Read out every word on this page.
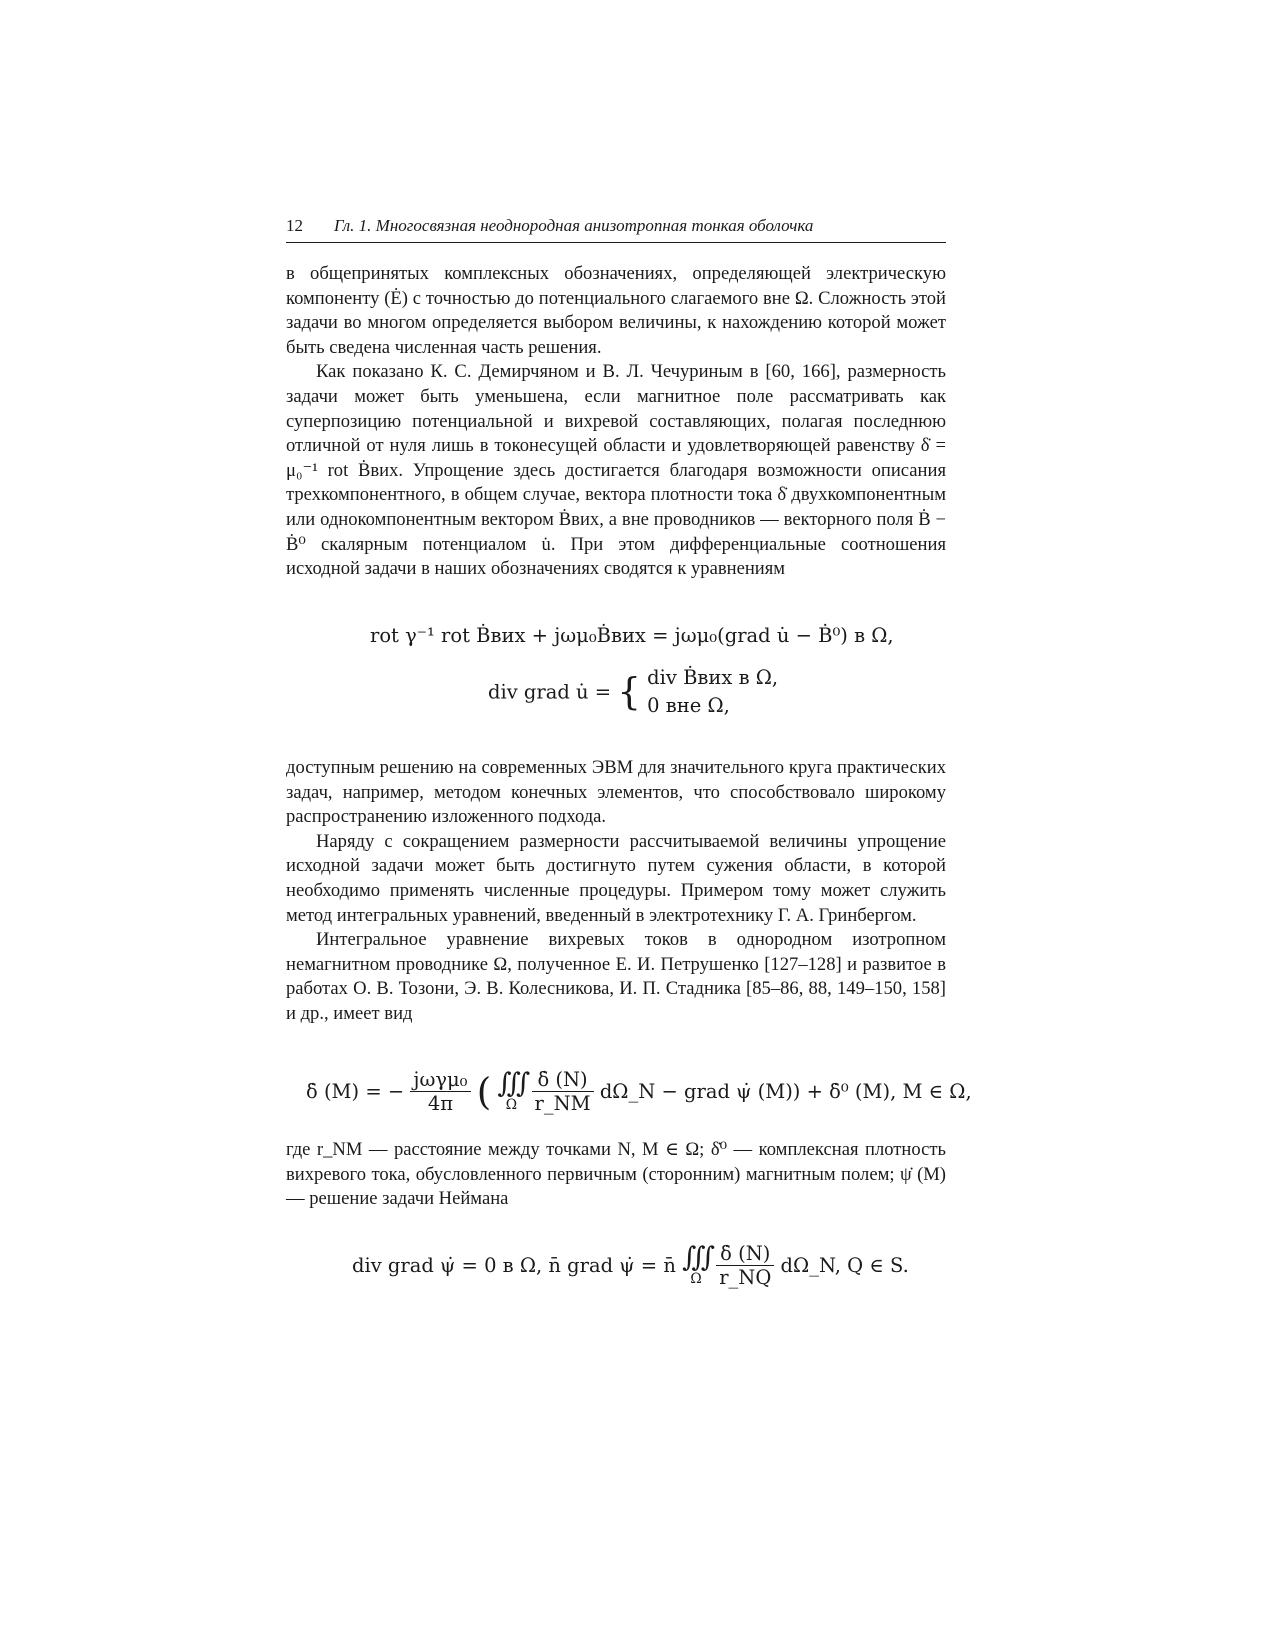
12 Гл. 1. Многосвязная неоднородная анизотропная тонкая оболочка

в общепринятых комплексных обозначениях, определяющей электрическую компоненту (Ė) с точностью до потенциального слагаемого вне Ω. Сложность этой задачи во многом определяется выбором величины, к нахождению которой может быть сведена численная часть решения.

Как показано К. С. Демирчяном и В. Л. Чечуриным в [60, 166], размерность задачи может быть уменьшена, если магнитное поле рассматривать как суперпозицию потенциальной и вихревой составляющих, полагая последнюю отличной от нуля лишь в токонесущей области и удовлетворяющей равенству δ̇ = μ₀⁻¹ rot Ḃвих. Упрощение здесь достигается благодаря возможности описания трехкомпонентного, в общем случае, вектора плотности тока δ̇ двухкомпонентным или однокомпонентным вектором Ḃвих, а вне проводников — векторного поля Ḃ − Ḃ⁰ скалярным потенциалом u̇. При этом дифференциальные соотношения исходной задачи в наших обозначениях сводятся к уравнениям

rot γ⁻¹ rot Ḃвих + jωμ₀Ḃвих = jωμ₀(grad u̇ − Ḃ⁰) в Ω,
div grad u̇ = { div Ḃвих в Ω,
0 вне Ω,

доступным решению на современных ЭВМ для значительного круга практических задач, например, методом конечных элементов, что способствовало широкому распространению изложенного подхода.

Наряду с сокращением размерности рассчитываемой величины упрощение исходной задачи может быть достигнуто путем сужения области, в которой необходимо применять численные процедуры. Примером тому может служить метод интегральных уравнений, введенный в электротехнику Г. А. Гринбергом.

Интегральное уравнение вихревых токов в однородном изотропном немагнитном проводнике Ω, полученное Е. И. Петрушенко [127–128] и развитое в работах О. В. Тозони, Э. В. Колесникова, И. П. Стадника [85–86, 88, 149–150, 158] и др., имеет вид

δ̇ (M) = − $\frac{\text{jωγμ₀}}{4\pi}$ ( ∫∫∫
Ω
$\frac{\deltȧ (N)}{r\_NM}$ dΩ_N − grad ψ̇ (M)) + δ̇⁰ (M), M ∈ Ω,

где r_NM — расстояние между точками N, M ∈ Ω; δ̇⁰ — комплексная плотность вихревого тока, обусловленного первичным (сторонним) магнитным полем; ψ̇ (M) — решение задачи Неймана

div grad ψ̇ = 0 в Ω, n̄ grad ψ̇ = n̄ ∫∫∫
Ω
$\frac{\deltȧ (N)}{r\_NQ}$ dΩ_N, Q ∈ S.
